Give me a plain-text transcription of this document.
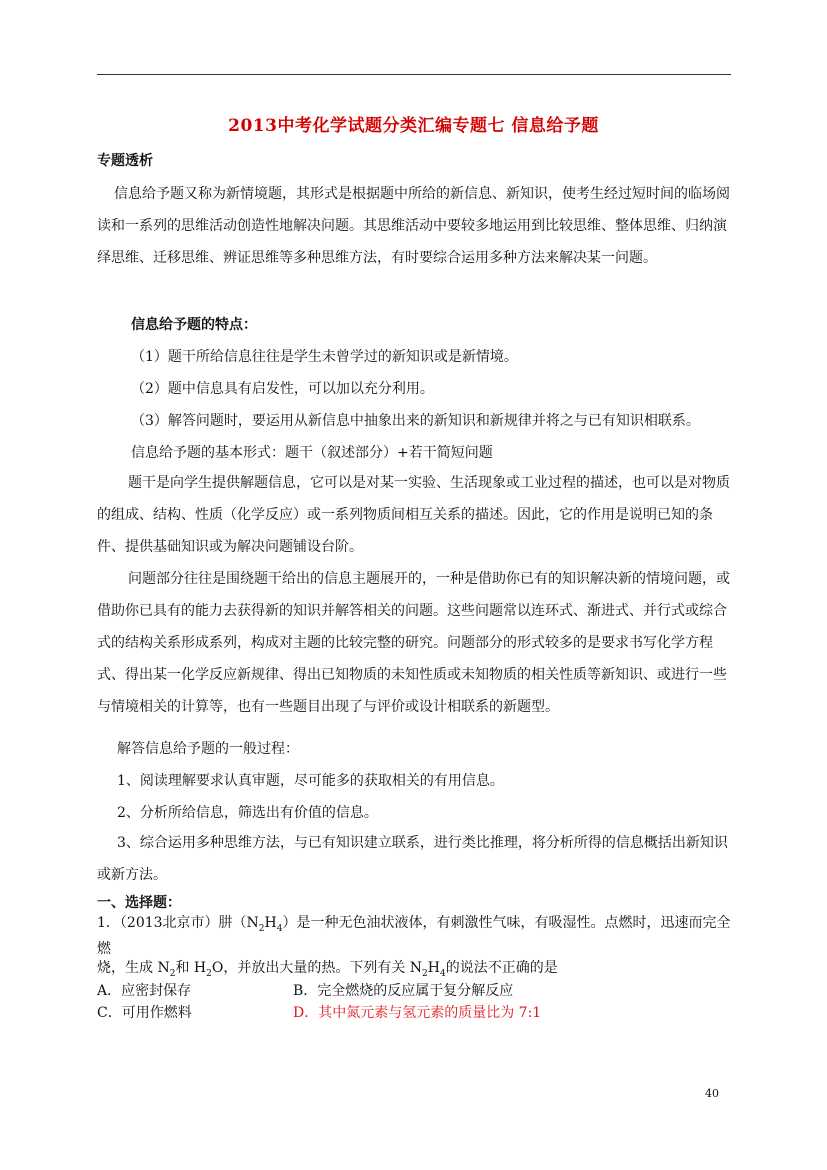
2013中考化学试题分类汇编专题七 信息给予题
专题透析
信息给予题又称为新情境题，其形式是根据题中所给的新信息、新知识，使考生经过短时间的临场阅读和一系列的思维活动创造性地解决问题。其思维活动中要较多地运用到比较思维、整体思维、归纳演绎思维、迁移思维、辨证思维等多种思维方法，有时要综合运用多种方法来解决某一问题。
信息给予题的特点：
（1）题干所给信息往往是学生未曾学过的新知识或是新情境。
（2）题中信息具有启发性，可以加以充分利用。
（3）解答问题时，要运用从新信息中抽象出来的新知识和新规律并将之与已有知识相联系。
信息给予题的基本形式：题干（叙述部分）+若干简短问题
题干是向学生提供解题信息，它可以是对某一实验、生活现象或工业过程的描述，也可以是对物质的组成、结构、性质（化学反应）或一系列物质间相互关系的描述。因此，它的作用是说明已知的条件、提供基础知识或为解决问题铺设台阶。
问题部分往往是围绕题干给出的信息主题展开的，一种是借助你已有的知识解决新的情境问题，或借助你已具有的能力去获得新的知识并解答相关的问题。这些问题常以连环式、渐进式、并行式或综合式的结构关系形成系列，构成对主题的比较完整的研究。问题部分的形式较多的是要求书写化学方程式、得出某一化学反应新规律、得出已知物质的未知性质或未知物质的相关性质等新知识、或进行一些与情境相关的计算等，也有一些题目出现了与评价或设计相联系的新题型。
解答信息给予题的一般过程：
1、阅读理解要求认真审题，尽可能多的获取相关的有用信息。
2、分析所给信息，筛选出有价值的信息。
3、综合运用多种思维方法，与已有知识建立联系，进行类比推理，将分析所得的信息概括出新知识或新方法。
一、选择题：
1．（2013北京市）肼$(N_2H_4)$是一种无色油状液体，有刺激性气味，有吸湿性。点燃时，迅速而完全燃
烧，生成 $N_2$和 $H_2O$，并放出大量的热。下列有关 $N_2H_4$的说法不正确的是
A．应密封保存	B．完全燃烧的反应属于复分解反应
C．可用作燃料	D．其中氮元素与氢元素的质量比为 7:1
40
